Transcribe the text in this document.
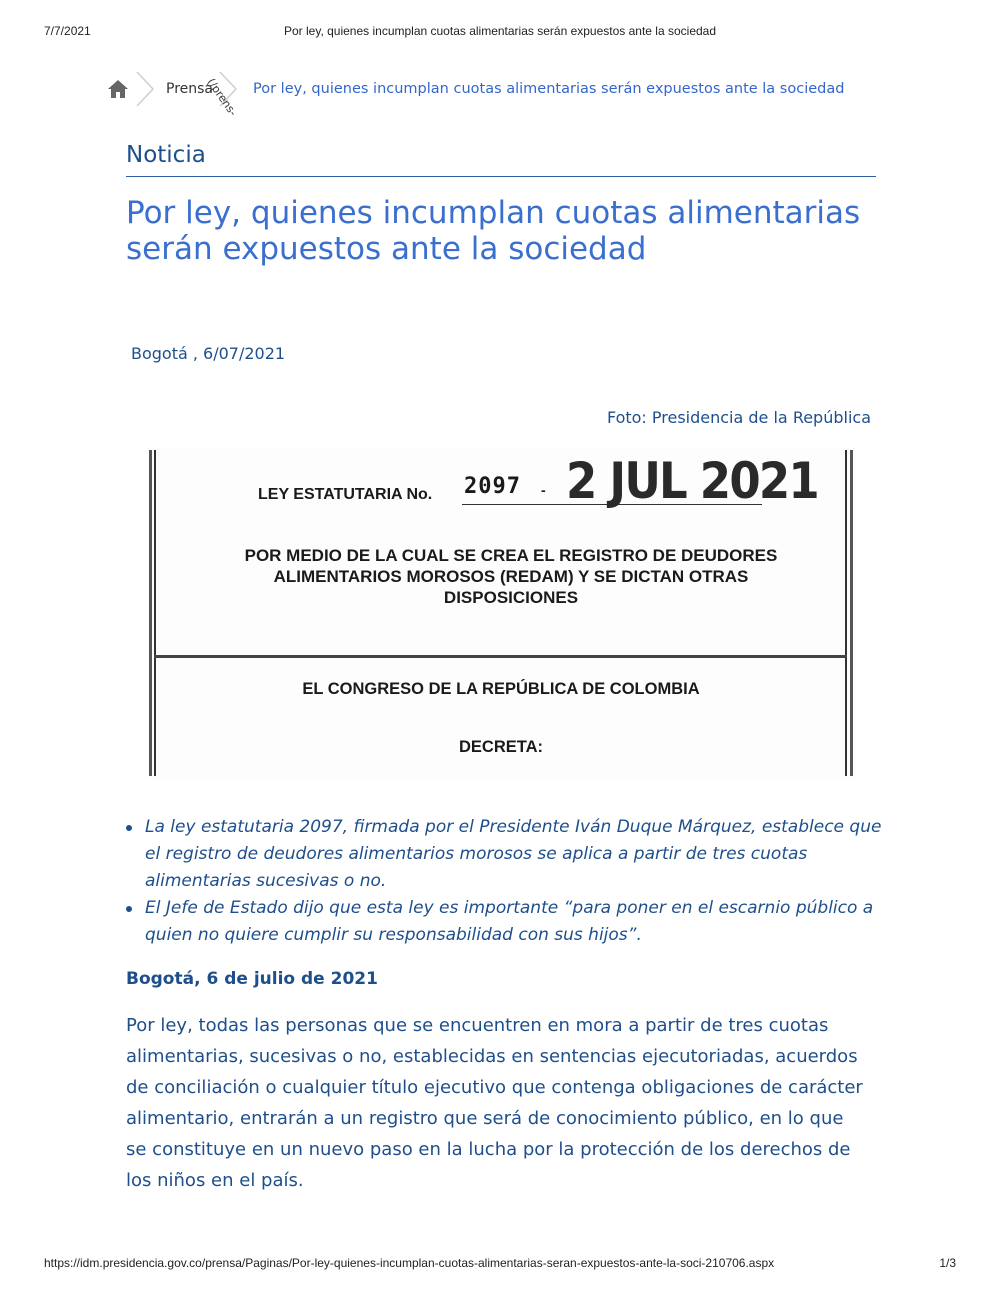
7/7/2021	Por ley, quienes incumplan cuotas alimentarias serán expuestos ante la sociedad
Prensa
(/prens- Por ley, quienes incumplan cuotas alimentarias serán expuestos ante la sociedad
Noticia
Por ley, quienes incumplan cuotas alimentarias serán expuestos ante la sociedad
Bogotá , 6/07/2021
Foto: Presidencia de la República
LEY ESTATUTARIA No. 2097 - 2 JUL 2021
POR MEDIO DE LA CUAL SE CREA EL REGISTRO DE DEUDORES ALIMENTARIOS MOROSOS (REDAM) Y SE DICTAN OTRAS DISPOSICIONES
EL CONGRESO DE LA REPÚBLICA DE COLOMBIA
DECRETA:
La ley estatutaria 2097, firmada por el Presidente Iván Duque Márquez, establece que el registro de deudores alimentarios morosos se aplica a partir de tres cuotas alimentarias sucesivas o no.
El Jefe de Estado dijo que esta ley es importante “para poner en el escarnio público a quien no quiere cumplir su responsabilidad con sus hijos”.
Bogotá, 6 de julio de 2021

Por ley, todas las personas que se encuentren en mora a partir de tres cuotas alimentarias, sucesivas o no, establecidas en sentencias ejecutoriadas, acuerdos de conciliación o cualquier título ejecutivo que contenga obligaciones de carácter alimentario, entrarán a un registro que será de conocimiento público, en lo que se constituye en un nuevo paso en la lucha por la protección de los derechos de los niños en el país.

https://idm.presidencia.gov.co/prensa/Paginas/Por-ley-quienes-incumplan-cuotas-alimentarias-seran-expuestos-ante-la-soci-210706.aspx	1/3
